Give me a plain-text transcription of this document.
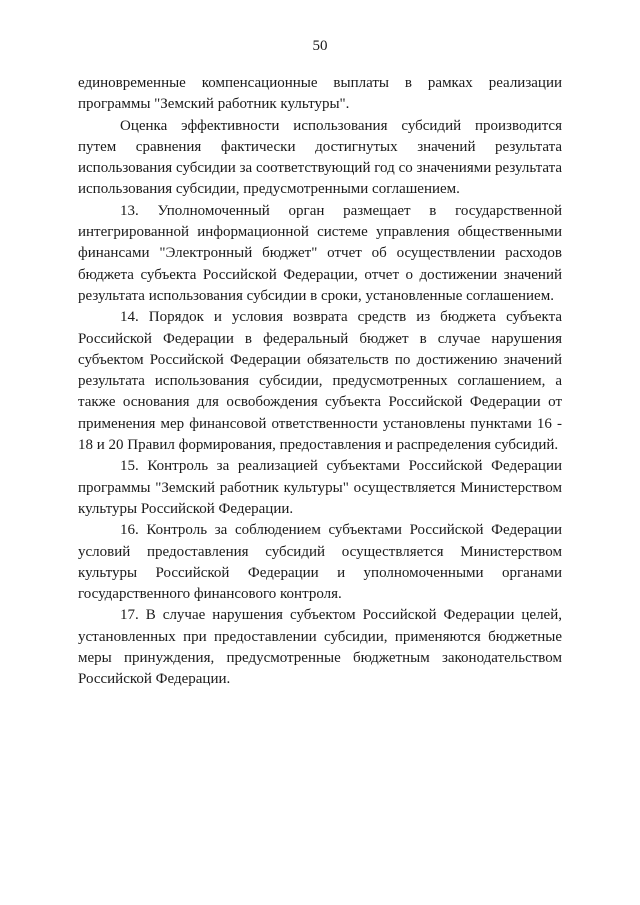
50

единовременные компенсационные выплаты в рамках реализации программы "Земский работник культуры".

Оценка эффективности использования субсидий производится путем сравнения фактически достигнутых значений результата использования субсидии за соответствующий год со значениями результата использования субсидии, предусмотренными соглашением.

13. Уполномоченный орган размещает в государственной интегрированной информационной системе управления общественными финансами "Электронный бюджет" отчет об осуществлении расходов бюджета субъекта Российской Федерации, отчет о достижении значений результата использования субсидии в сроки, установленные соглашением.

14. Порядок и условия возврата средств из бюджета субъекта Российской Федерации в федеральный бюджет в случае нарушения субъектом Российской Федерации обязательств по достижению значений результата использования субсидии, предусмотренных соглашением, а также основания для освобождения субъекта Российской Федерации от применения мер финансовой ответственности установлены пунктами 16 - 18 и 20 Правил формирования, предоставления и распределения субсидий.

15. Контроль за реализацией субъектами Российской Федерации программы "Земский работник культуры" осуществляется Министерством культуры Российской Федерации.

16. Контроль за соблюдением субъектами Российской Федерации условий предоставления субсидий осуществляется Министерством культуры Российской Федерации и уполномоченными органами государственного финансового контроля.

17. В случае нарушения субъектом Российской Федерации целей, установленных при предоставлении субсидии, применяются бюджетные меры принуждения, предусмотренные бюджетным законодательством Российской Федерации.
